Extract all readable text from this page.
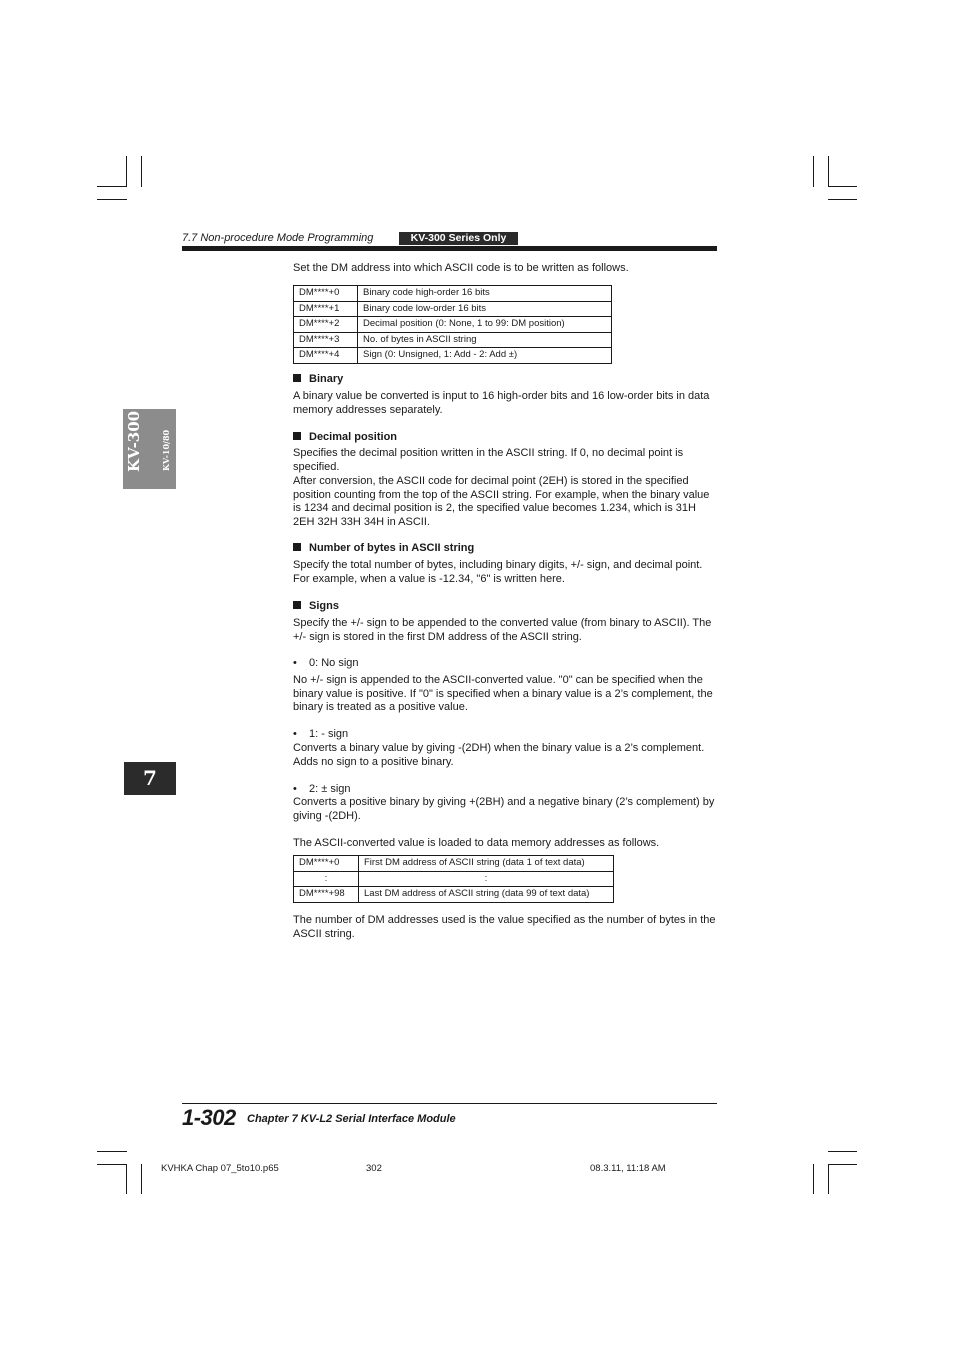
7.7 Non-procedure Mode Programming	KV-300 Series Only
KV-300 KV-10/80
7
Set the DM address into which ASCII code is to be written as follows.
DM****+0	Binary code high-order 16 bits
DM****+1	Binary code low-order 16 bits
DM****+2	Decimal position (0: None, 1 to 99: DM position)
DM****+3	No. of bytes in ASCII string
DM****+4	Sign (0: Unsigned, 1: Add - 2: Add ±)
Binary
A binary value be converted is input to 16 high-order bits and 16 low-order bits in data memory addresses separately.
Decimal position
Specifies the decimal position written in the ASCII string. If 0, no decimal point is specified.
After conversion, the ASCII code for decimal point (2EH) is stored in the specified position counting from the top of the ASCII string. For example, when the binary value is 1234 and decimal position is 2, the specified value becomes 1.234, which is 31H 2EH 32H 33H 34H in ASCII.
Number of bytes in ASCII string
Specify the total number of bytes, including binary digits, +/- sign, and decimal point. For example, when a value is -12.34, "6" is written here.
Signs
Specify the +/- sign to be appended to the converted value (from binary to ASCII). The +/- sign is stored in the first DM address of the ASCII string.
• 0: No sign
No +/- sign is appended to the ASCII-converted value. "0" can be specified when the binary value is positive. If "0" is specified when a binary value is a 2’s complement, the binary is treated as a positive value.
• 1: - sign
Converts a binary value by giving -(2DH) when the binary value is a 2’s complement. Adds no sign to a positive binary.
• 2: ± sign
Converts a positive binary by giving +(2BH) and a negative binary (2’s complement) by giving -(2DH).
The ASCII-converted value is loaded to data memory addresses as follows.
DM****+0	First DM address of ASCII string (data 1 of text data)
:	:
DM****+98	Last DM address of ASCII string (data 99 of text data)
The number of DM addresses used is the value specified as the number of bytes in the ASCII string.
1-302 Chapter 7 KV-L2 Serial Interface Module
KVHKA Chap 07_5to10.p65	302	08.3.11, 11:18 AM
